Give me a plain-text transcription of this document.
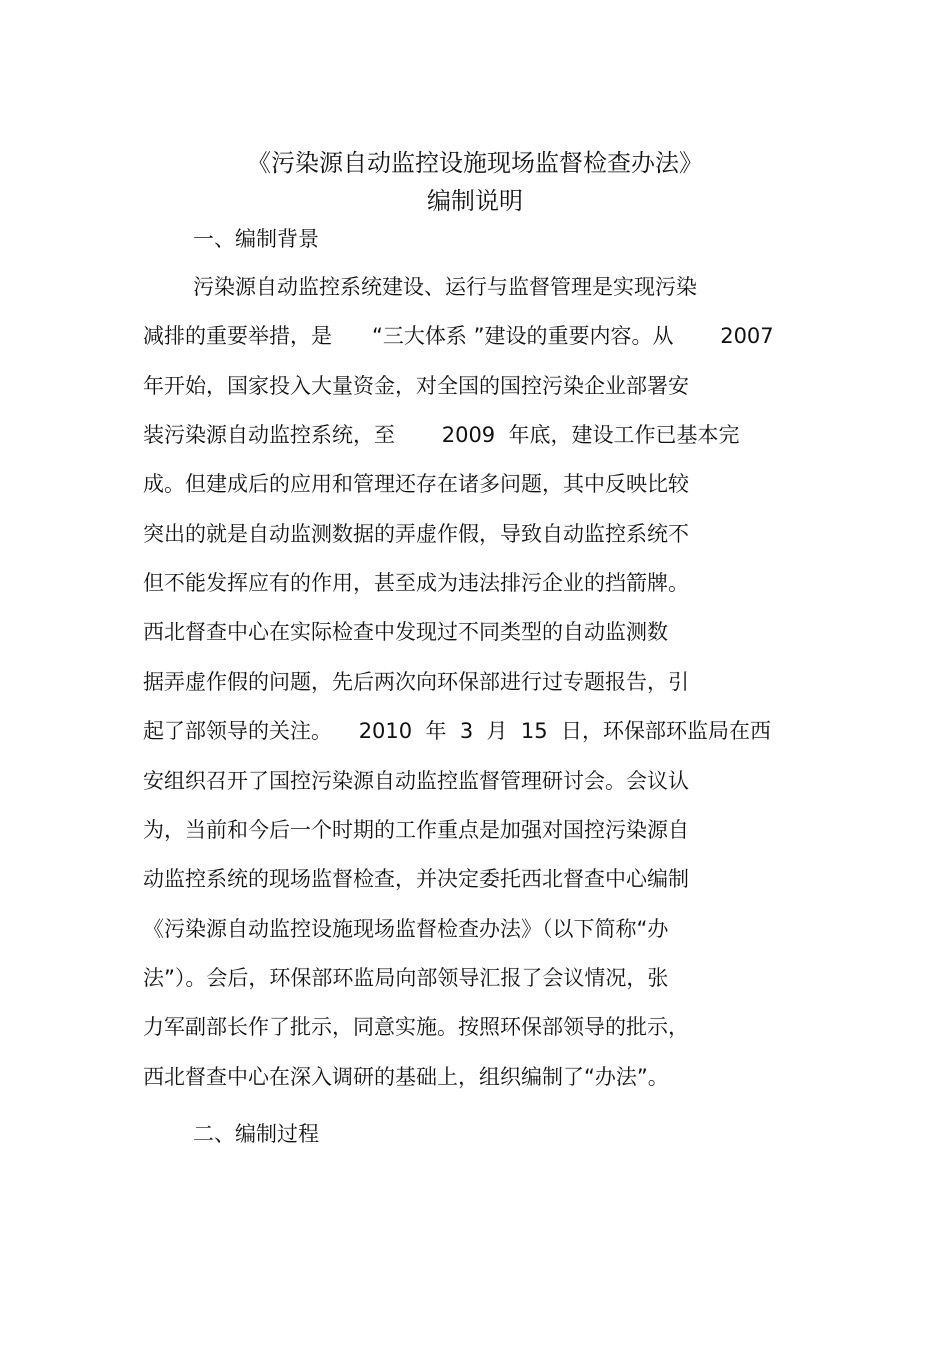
《污染源自动监控设施现场监督检查办法》
编制说明
一、编制背景
污染源自动监控系统建设、运行与监督管理是实现污染
减排的重要举措，是      “三大体系 ”建设的重要内容。从       2007
年开始，国家投入大量资金，对全国的国控污染企业部署安
装污染源自动监控系统，至       2009  年底，建设工作已基本完
成。但建成后的应用和管理还存在诸多问题，其中反映比较
突出的就是自动监测数据的弄虚作假，导致自动监控系统不
但不能发挥应有的作用，甚至成为违法排污企业的挡箭牌。
西北督查中心在实际检查中发现过不同类型的自动监测数
据弄虚作假的问题，先后两次向环保部进行过专题报告，引
起了部领导的关注。    2010  年  3  月  15  日，环保部环监局在西
安组织召开了国控污染源自动监控监督管理研讨会。会议认
为，当前和今后一个时期的工作重点是加强对国控污染源自
动监控系统的现场监督检查，并决定委托西北督查中心编制
《污染源自动监控设施现场监督检查办法》（以下简称“办
法”）。会后，环保部环监局向部领导汇报了会议情况，张
力军副部长作了批示，同意实施。按照环保部领导的批示，
西北督查中心在深入调研的基础上，组织编制了“办法”。
二、编制过程
